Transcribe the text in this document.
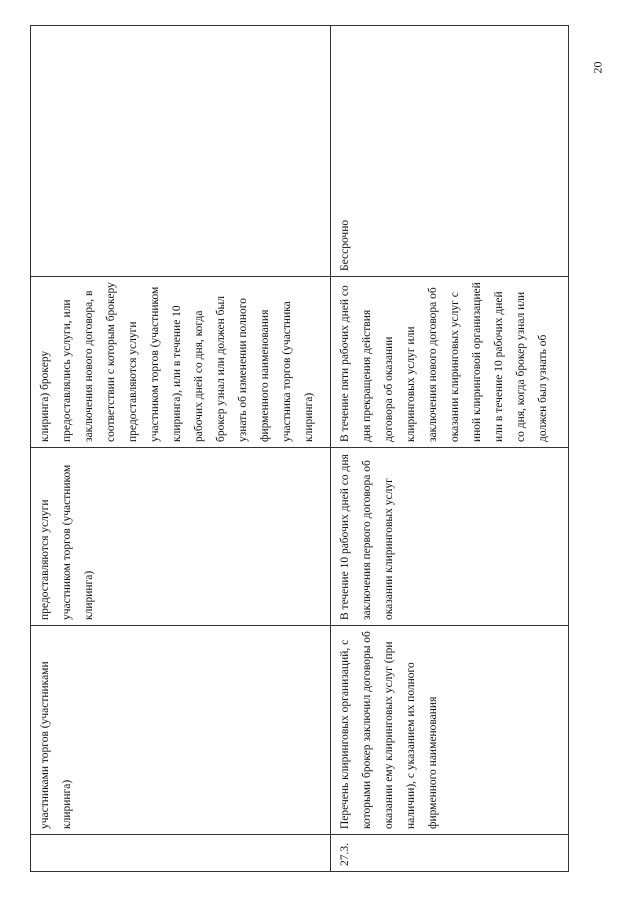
20

	участниками торгов (участниками клиринга)	предоставляются услуги участником торгов (участником клиринга)	клиринга) брокеру предоставлялись услуги, или заключения нового договора, в соответствии с которым брокеру предоставляются услуги участником торгов (участником клиринга), или в течение 10 рабочих дней со дня, когда брокер узнал или должен был узнать об изменении полного фирменного наименования участника торгов (участника клиринга)	

27.3.	Перечень клиринговых организаций, с которыми брокер заключил договоры об оказании ему клиринговых услуг (при наличии), с указанием их полного фирменного наименования	В течение 10 рабочих дней со дня заключения первого договора об оказании клиринговых услуг	В течение пяти рабочих дней со дня прекращения действия договора об оказании клиринговых услуг или заключения нового договора об оказании клиринговых услуг с иной клиринговой организацией или в течение 10 рабочих дней со дня, когда брокер узнал или должен был узнать об	Бессрочно
